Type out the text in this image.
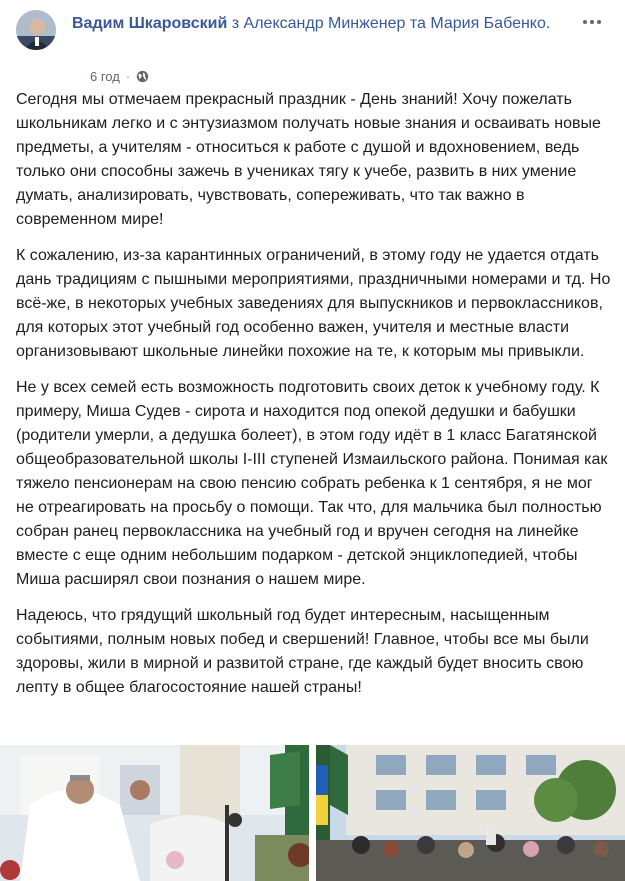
Вадим Шкаровский з Александр Минженер та Мария Бабенко.
6 год ·

Сегодня мы отмечаем прекрасный праздник - День знаний! Хочу пожелать школьникам легко и с энтузиазмом получать новые знания и осваивать новые предметы, а учителям - относиться к работе с душой и вдохновением, ведь только они способны зажечь в учениках тягу к учебе, развить в них умение думать, анализировать, чувствовать, сопереживать, что так важно в современном мире!

К сожалению, из-за карантинных ограничений, в этому году не удается отдать дань традициям с пышными мероприятиями, праздничными номерами и тд. Но всё-же, в некоторых учебных заведениях для выпускников и первоклассников, для которых этот учебный год особенно важен, учителя и местные власти организовывают школьные линейки похожие на те, к которым мы привыкли.

Не у всех семей есть возможность подготовить своих деток к учебному году. К примеру, Миша Судев - сирота и находится под опекой дедушки и бабушки (родители умерли, а дедушка болеет), в этом году идёт в 1 класс Багатянской общеобразовательной школы I-III ступеней Измаильского района. Понимая как тяжело пенсионерам на свою пенсию собрать ребенка к 1 сентября, я не мог не отреагировать на просьбу о помощи. Так что, для мальчика был полностью собран ранец первоклассника на учебный год и вручен сегодня на линейке вместе с еще одним небольшим подарком - детской энциклопедией, чтобы Миша расширял свои познания о нашем мире.

Надеюсь, что грядущий школьный год будет интересным, насыщенным событиями, полным новых побед и свершений! Главное, чтобы все мы были здоровы, жили в мирной и развитой стране, где каждый будет вносить свою лепту в общее благосостояние нашей страны!
